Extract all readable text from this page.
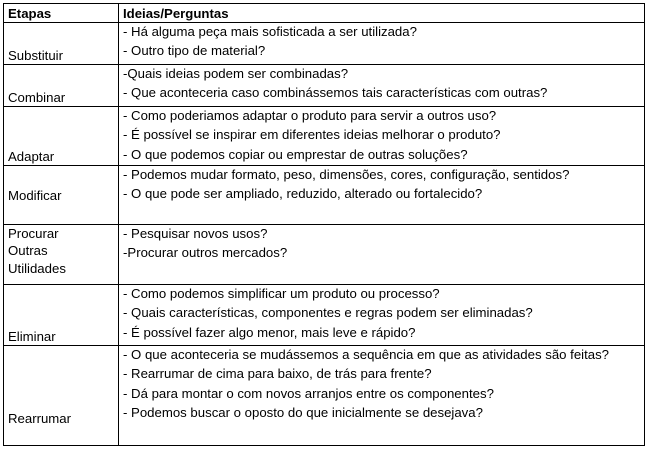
Etapas	Ideias/Perguntas

Substituir	- Há alguma peça mais sofisticada a ser utilizada?
- Outro tipo de material?

Combinar	-Quais ideias podem ser combinadas?
- Que aconteceria caso combinássemos tais características com outras?

Adaptar	- Como poderiamos adaptar o produto para servir a outros uso?
- É possível se inspirar em diferentes ideias melhorar o produto?
- O que podemos copiar ou emprestar de outras soluções?

Modificar	- Podemos mudar formato, peso, dimensões, cores, configuração, sentidos?
- O que pode ser ampliado, reduzido, alterado ou fortalecido?

Procurar
Outras
Utilidades	- Pesquisar novos usos?
-Procurar outros mercados?

Eliminar	- Como podemos simplificar um produto ou processo?
- Quais características, componentes e regras podem ser eliminadas?
- É possível fazer algo menor, mais leve e rápido?

Rearrumar	- O que aconteceria se mudássemos a sequência em que as atividades são feitas?
- Rearrumar de cima para baixo, de trás para frente?
- Dá para montar o com novos arranjos entre os componentes?
- Podemos buscar o oposto do que inicialmente se desejava?
